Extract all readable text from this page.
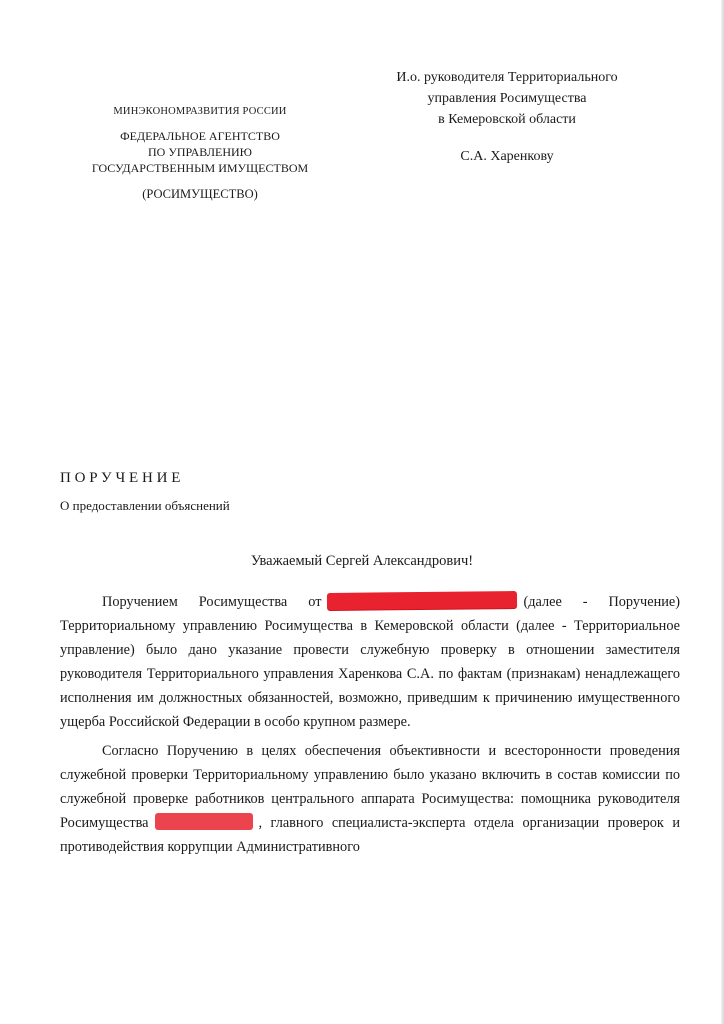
МИНЭКОНОМРАЗВИТИЯ РОССИИ
ФЕДЕРАЛЬНОЕ АГЕНТСТВО
ПО УПРАВЛЕНИЮ
ГОСУДАРСТВЕННЫМ ИМУЩЕСТВОМ
(РОСИМУЩЕСТВО)
И.о. руководителя Территориального
управления Росимущества
в Кемеровской области
С.А. Харенкову
ПОРУЧЕНИЕ
О предоставлении объяснений
Уважаемый Сергей Александрович!

Поручением Росимущества от	(далее - Поручение) Территориальному управлению Росимущества в Кемеровской области (далее - Территориальное управление) было дано указание провести служебную проверку в отношении заместителя руководителя Территориального управления Харенкова С.А. по фактам (признакам) ненадлежащего исполнения им должностных обязанностей, возможно, приведшим к причинению имущественного ущерба Российской Федерации в особо крупном размере.

Согласно Поручению в целях обеспечения объективности и всесторонности проведения служебной проверки Территориальному управлению было указано включить в состав комиссии по служебной проверке работников центрального аппарата Росимущества: помощника руководителя Росимущества	, главного специалиста-эксперта отдела организации проверок и противодействия коррупции Административного
